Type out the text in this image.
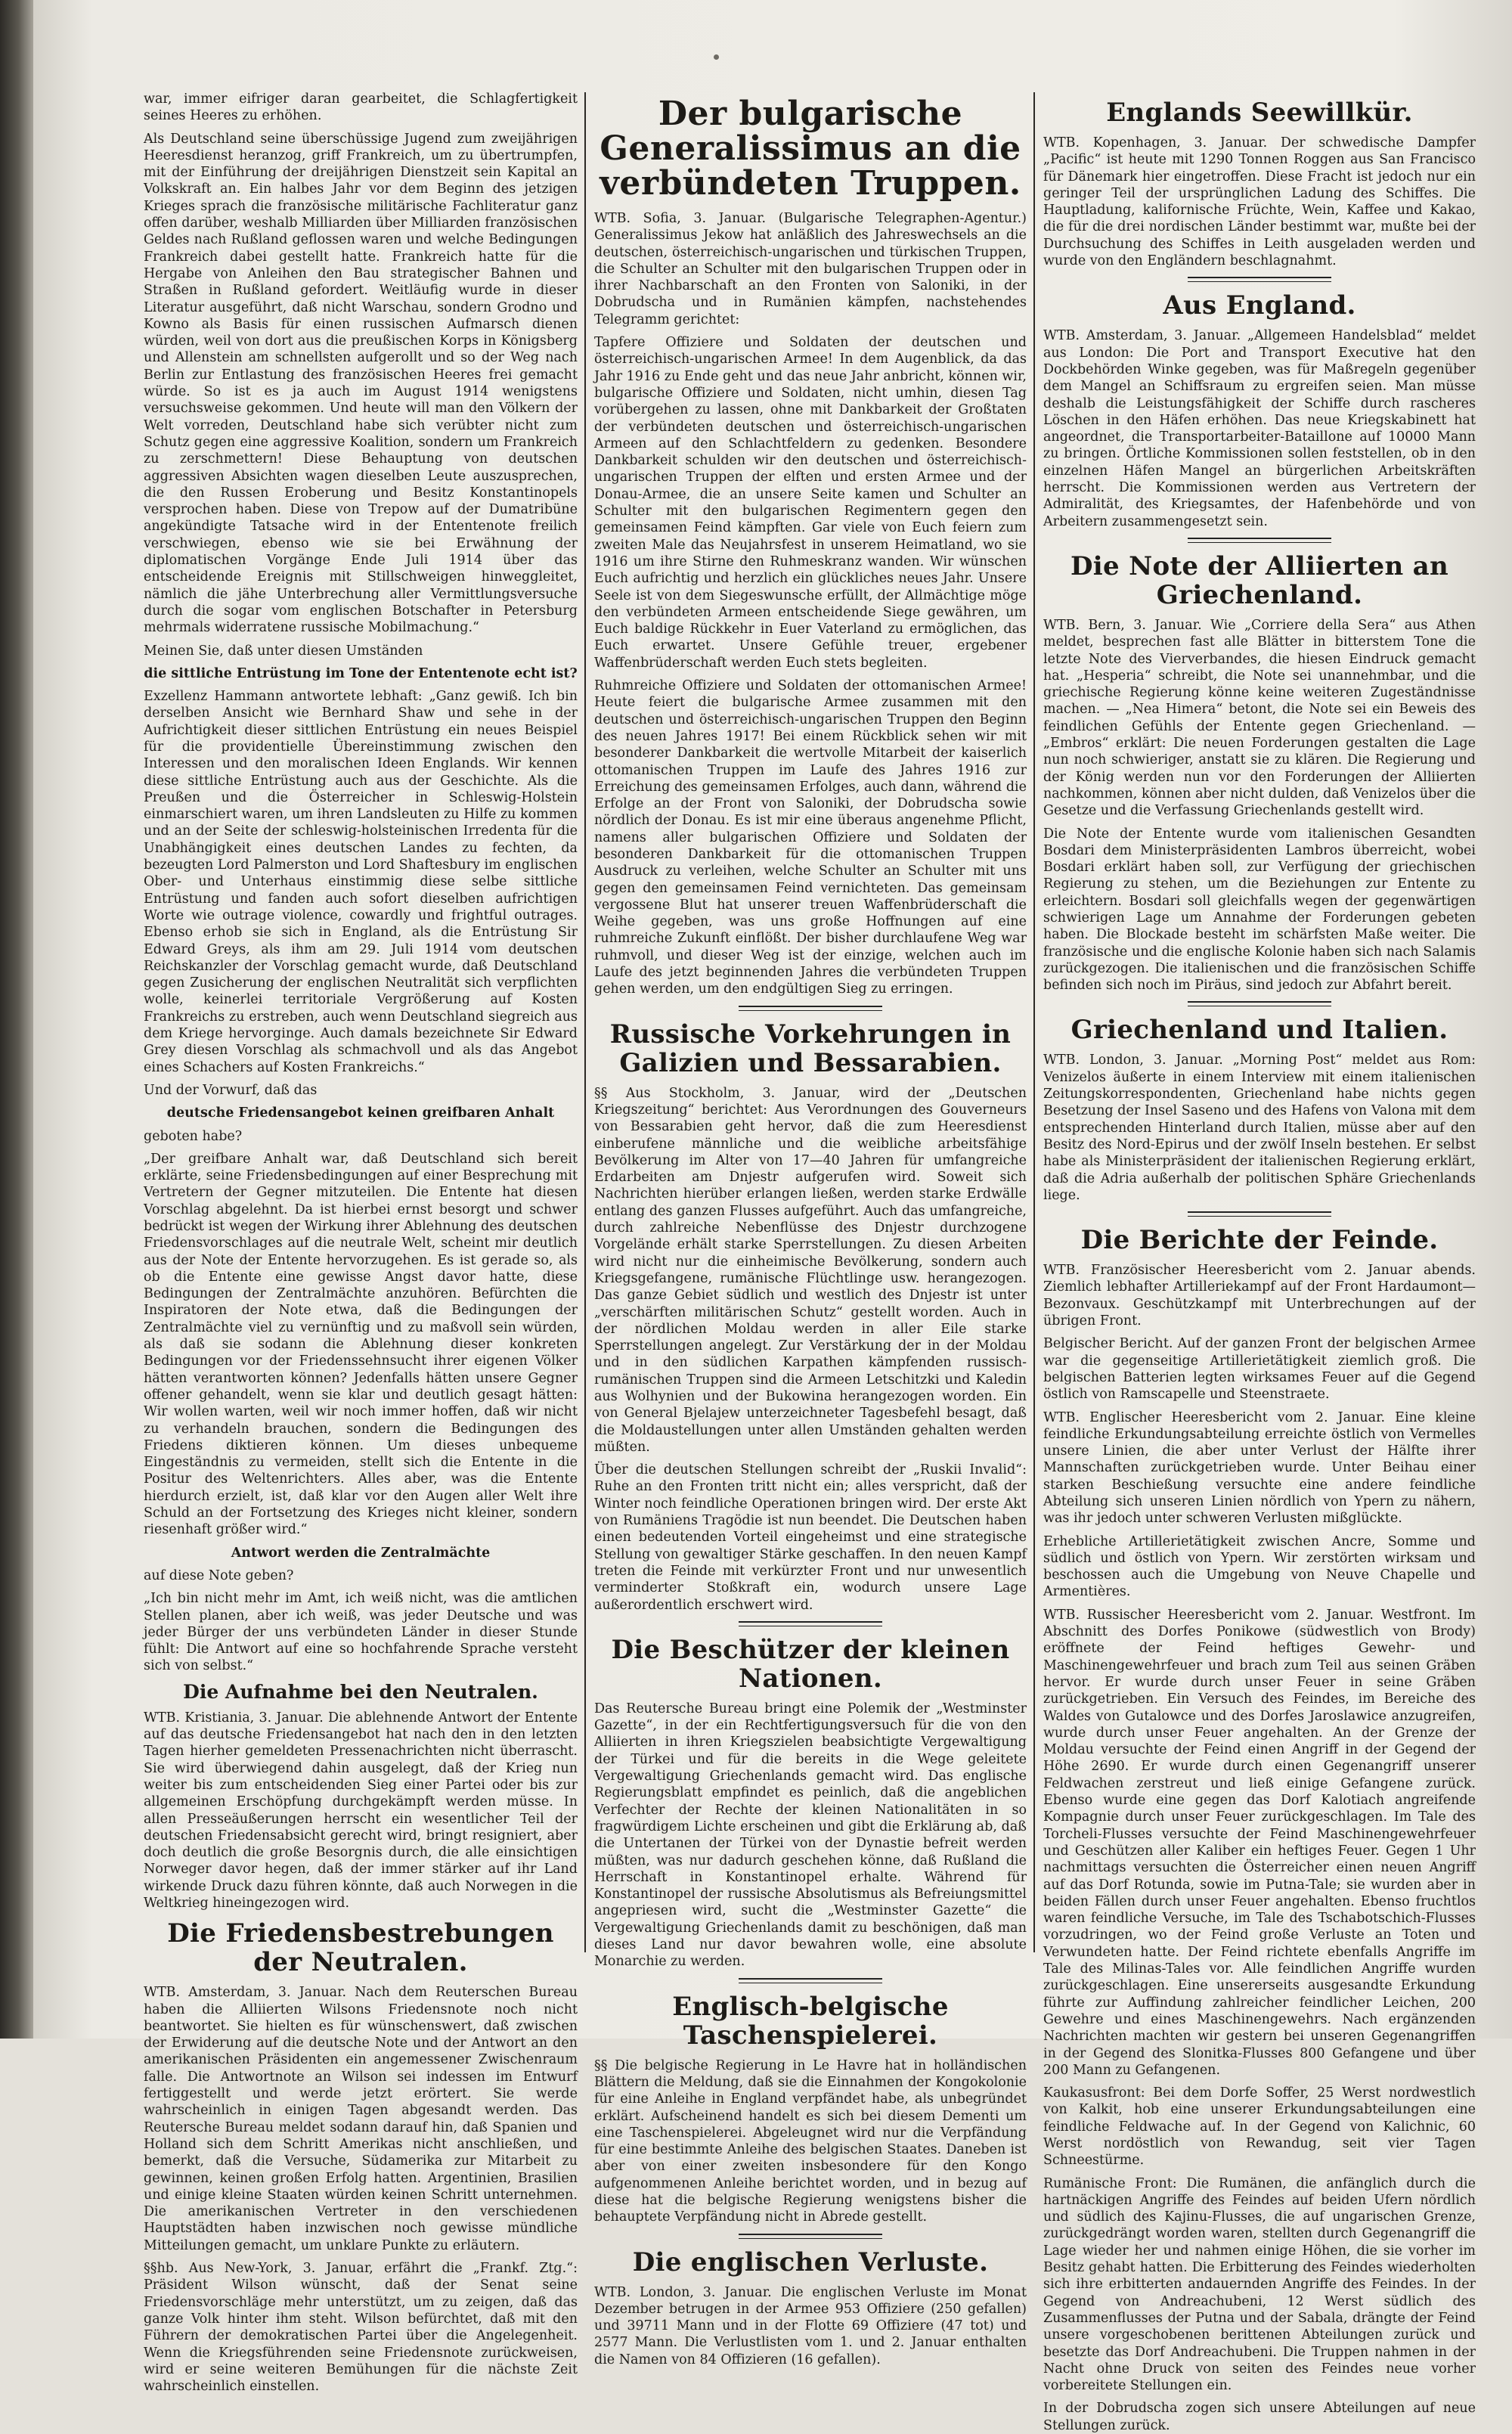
war, immer eifriger daran gearbeitet, die Schlagfertigkeit seines Heeres zu erhöhen.

Als Deutschland seine überschüssige Jugend zum zweijährigen Heeresdienst heranzog, griff Frankreich, um zu übertrumpfen, mit der Einführung der dreijährigen Dienstzeit sein Kapital an Volkskraft an. Ein halbes Jahr vor dem Beginn des jetzigen Krieges sprach die französische militärische Fachliteratur ganz offen darüber, weshalb Milliarden über Milliarden französischen Geldes nach Rußland geflossen waren und welche Bedingungen Frankreich dabei gestellt hatte. Frankreich hatte für die Hergabe von Anleihen den Bau strategischer Bahnen und Straßen in Rußland gefordert. Weitläufig wurde in dieser Literatur ausgeführt, daß nicht Warschau, sondern Grodno und Kowno als Basis für einen russischen Aufmarsch dienen würden, weil von dort aus die preußischen Korps in Königsberg und Allenstein am schnellsten aufgerollt und so der Weg nach Berlin zur Entlastung des französischen Heeres frei gemacht würde. So ist es ja auch im August 1914 wenigstens versuchsweise gekommen. Und heute will man den Völkern der Welt vorreden, Deutschland habe sich verübter nicht zum Schutz gegen eine aggressive Koalition, sondern um Frankreich zu zerschmettern! Diese Behauptung von deutschen aggressiven Absichten wagen dieselben Leute auszusprechen, die den Russen Eroberung und Besitz Konstantinopels versprochen haben. Diese von Trepow auf der Dumatribüne angekündigte Tatsache wird in der Ententenote freilich verschwiegen, ebenso wie sie bei Erwähnung der diplomatischen Vorgänge Ende Juli 1914 über das entscheidende Ereignis mit Stillschweigen hinweggleitet, nämlich die jähe Unterbrechung aller Vermittlungsversuche durch die sogar vom englischen Botschafter in Petersburg mehrmals widerratene russische Mobilmachung.“

Meinen Sie, daß unter diesen Umständen

die sittliche Entrüstung im Tone der Ententenote echt ist?

Exzellenz Hammann antwortete lebhaft: „Ganz gewiß. Ich bin derselben Ansicht wie Bernhard Shaw und sehe in der Aufrichtigkeit dieser sittlichen Entrüstung ein neues Beispiel für die providentielle Übereinstimmung zwischen den Interessen und den moralischen Ideen Englands. Wir kennen diese sittliche Entrüstung auch aus der Geschichte. Als die Preußen und die Österreicher in Schleswig-Holstein einmarschiert waren, um ihren Landsleuten zu Hilfe zu kommen und an der Seite der schleswig-holsteinischen Irredenta für die Unabhängigkeit eines deutschen Landes zu fechten, da bezeugten Lord Palmerston und Lord Shaftesbury im englischen Ober- und Unterhaus einstimmig diese selbe sittliche Entrüstung und fanden auch sofort dieselben aufrichtigen Worte wie outrage violence, cowardly und frightful outrages. Ebenso erhob sie sich in England, als die Entrüstung Sir Edward Greys, als ihm am 29. Juli 1914 vom deutschen Reichskanzler der Vorschlag gemacht wurde, daß Deutschland gegen Zusicherung der englischen Neutralität sich verpflichten wolle, keinerlei territoriale Vergrößerung auf Kosten Frankreichs zu erstreben, auch wenn Deutschland siegreich aus dem Kriege hervorginge. Auch damals bezeichnete Sir Edward Grey diesen Vorschlag als schmachvoll und als das Angebot eines Schachers auf Kosten Frankreichs.“

Und der Vorwurf, daß das

deutsche Friedensangebot keinen greifbaren Anhalt

geboten habe?

„Der greifbare Anhalt war, daß Deutschland sich bereit erklärte, seine Friedensbedingungen auf einer Besprechung mit Vertretern der Gegner mitzuteilen. Die Entente hat diesen Vorschlag abgelehnt. Da ist hierbei ernst besorgt und schwer bedrückt ist wegen der Wirkung ihrer Ablehnung des deutschen Friedensvorschlages auf die neutrale Welt, scheint mir deutlich aus der Note der Entente hervorzugehen. Es ist gerade so, als ob die Entente eine gewisse Angst davor hatte, diese Bedingungen der Zentralmächte anzuhören. Befürchten die Inspiratoren der Note etwa, daß die Bedingungen der Zentralmächte viel zu vernünftig und zu maßvoll sein würden, als daß sie sodann die Ablehnung dieser konkreten Bedingungen vor der Friedenssehnsucht ihrer eigenen Völker hätten verantworten können? Jedenfalls hätten unsere Gegner offener gehandelt, wenn sie klar und deutlich gesagt hätten: Wir wollen warten, weil wir noch immer hoffen, daß wir nicht zu verhandeln brauchen, sondern die Bedingungen des Friedens diktieren können. Um dieses unbequeme Eingeständnis zu vermeiden, stellt sich die Entente in die Positur des Weltenrichters. Alles aber, was die Entente hierdurch erzielt, ist, daß klar vor den Augen aller Welt ihre Schuld an der Fortsetzung des Krieges nicht kleiner, sondern riesenhaft größer wird.“

Antwort werden die Zentralmächte

auf diese Note geben?

„Ich bin nicht mehr im Amt, ich weiß nicht, was die amtlichen Stellen planen, aber ich weiß, was jeder Deutsche und was jeder Bürger der uns verbündeten Länder in dieser Stunde fühlt: Die Antwort auf eine so hochfahrende Sprache versteht sich von selbst.“

Die Aufnahme bei den Neutralen.

WTB. Kristiania, 3. Januar. Die ablehnende Antwort der Entente auf das deutsche Friedensangebot hat nach den in den letzten Tagen hierher gemeldeten Pressenachrichten nicht überrascht. Sie wird überwiegend dahin ausgelegt, daß der Krieg nun weiter bis zum entscheidenden Sieg einer Partei oder bis zur allgemeinen Erschöpfung durchgekämpft werden müsse. In allen Presseäußerungen herrscht ein wesentlicher Teil der deutschen Friedensabsicht gerecht wird, bringt resigniert, aber doch deutlich die große Besorgnis durch, die alle einsichtigen Norweger davor hegen, daß der immer stärker auf ihr Land wirkende Druck dazu führen könnte, daß auch Norwegen in die Weltkrieg hineingezogen wird.

Die Friedensbestrebungen der Neutralen.

WTB. Amsterdam, 3. Januar. Nach dem Reuterschen Bureau haben die Alliierten Wilsons Friedensnote noch nicht beantwortet. Sie hielten es für wünschenswert, daß zwischen der Erwiderung auf die deutsche Note und der Antwort an den amerikanischen Präsidenten ein angemessener Zwischenraum falle. Die Antwortnote an Wilson sei indessen im Entwurf fertiggestellt und werde jetzt erörtert. Sie werde wahrscheinlich in einigen Tagen abgesandt werden. Das Reutersche Bureau meldet sodann darauf hin, daß Spanien und Holland sich dem Schritt Amerikas nicht anschließen, und bemerkt, daß die Versuche, Südamerika zur Mitarbeit zu gewinnen, keinen großen Erfolg hatten. Argentinien, Brasilien und einige kleine Staaten würden keinen Schritt unternehmen. Die amerikanischen Vertreter in den verschiedenen Hauptstädten haben inzwischen noch gewisse mündliche Mitteilungen gemacht, um unklare Punkte zu erläutern.

§§hb. Aus New-York, 3. Januar, erfährt die „Frankf. Ztg.“: Präsident Wilson wünscht, daß der Senat seine Friedensvorschläge mehr unterstützt, um zu zeigen, daß das ganze Volk hinter ihm steht. Wilson befürchtet, daß mit den Führern der demokratischen Partei über die Angelegenheit. Wenn die Kriegsführenden seine Friedensnote zurückweisen, wird er seine weiteren Bemühungen für die nächste Zeit wahrscheinlich einstellen.

Der bulgarische Generalissimus an die verbündeten Truppen.

WTB. Sofia, 3. Januar. (Bulgarische Telegraphen-Agentur.) Generalissimus Jekow hat anläßlich des Jahreswechsels an die deutschen, österreichisch-ungarischen und türkischen Truppen, die Schulter an Schulter mit den bulgarischen Truppen oder in ihrer Nachbarschaft an den Fronten von Saloniki, in der Dobrudscha und in Rumänien kämpfen, nachstehendes Telegramm gerichtet:

Tapfere Offiziere und Soldaten der deutschen und österreichisch-ungarischen Armee! In dem Augenblick, da das Jahr 1916 zu Ende geht und das neue Jahr anbricht, können wir, bulgarische Offiziere und Soldaten, nicht umhin, diesen Tag vorübergehen zu lassen, ohne mit Dankbarkeit der Großtaten der verbündeten deutschen und österreichisch-ungarischen Armeen auf den Schlachtfeldern zu gedenken. Besondere Dankbarkeit schulden wir den deutschen und österreichisch-ungarischen Truppen der elften und ersten Armee und der Donau-Armee, die an unsere Seite kamen und Schulter an Schulter mit den bulgarischen Regimentern gegen den gemeinsamen Feind kämpften. Gar viele von Euch feiern zum zweiten Male das Neujahrsfest in unserem Heimatland, wo sie 1916 um ihre Stirne den Ruhmeskranz wanden. Wir wünschen Euch aufrichtig und herzlich ein glückliches neues Jahr. Unsere Seele ist von dem Siegeswunsche erfüllt, der Allmächtige möge den verbündeten Armeen entscheidende Siege gewähren, um Euch baldige Rückkehr in Euer Vaterland zu ermöglichen, das Euch erwartet. Unsere Gefühle treuer, ergebener Waffenbrüderschaft werden Euch stets begleiten.

Ruhmreiche Offiziere und Soldaten der ottomanischen Armee! Heute feiert die bulgarische Armee zusammen mit den deutschen und österreichisch-ungarischen Truppen den Beginn des neuen Jahres 1917! Bei einem Rückblick sehen wir mit besonderer Dankbarkeit die wertvolle Mitarbeit der kaiserlich ottomanischen Truppen im Laufe des Jahres 1916 zur Erreichung des gemeinsamen Erfolges, auch dann, während die Erfolge an der Front von Saloniki, der Dobrudscha sowie nördlich der Donau. Es ist mir eine überaus angenehme Pflicht, namens aller bulgarischen Offiziere und Soldaten der besonderen Dankbarkeit für die ottomanischen Truppen Ausdruck zu verleihen, welche Schulter an Schulter mit uns gegen den gemeinsamen Feind vernichteten. Das gemeinsam vergossene Blut hat unserer treuen Waffenbrüderschaft die Weihe gegeben, was uns große Hoffnungen auf eine ruhmreiche Zukunft einflößt. Der bisher durchlaufene Weg war ruhmvoll, und dieser Weg ist der einzige, welchen auch im Laufe des jetzt beginnenden Jahres die verbündeten Truppen gehen werden, um den endgültigen Sieg zu erringen.

Russische Vorkehrungen in Galizien und Bessarabien.

§§ Aus Stockholm, 3. Januar, wird der „Deutschen Kriegszeitung“ berichtet: Aus Verordnungen des Gouverneurs von Bessarabien geht hervor, daß die zum Heeresdienst einberufene männliche und die weibliche arbeitsfähige Bevölkerung im Alter von 17—40 Jahren für umfangreiche Erdarbeiten am Dnjestr aufgerufen wird. Soweit sich Nachrichten hierüber erlangen ließen, werden starke Erdwälle entlang des ganzen Flusses aufgeführt. Auch das umfangreiche, durch zahlreiche Nebenflüsse des Dnjestr durchzogene Vorgelände erhält starke Sperrstellungen. Zu diesen Arbeiten wird nicht nur die einheimische Bevölkerung, sondern auch Kriegsgefangene, rumänische Flüchtlinge usw. herangezogen. Das ganze Gebiet südlich und westlich des Dnjestr ist unter „verschärften militärischen Schutz“ gestellt worden. Auch in der nördlichen Moldau werden in aller Eile starke Sperrstellungen angelegt. Zur Verstärkung der in der Moldau und in den südlichen Karpathen kämpfenden russisch-rumänischen Truppen sind die Armeen Letschitzki und Kaledin aus Wolhynien und der Bukowina herangezogen worden. Ein von General Bjelajew unterzeichneter Tagesbefehl besagt, daß die Moldaustellungen unter allen Umständen gehalten werden müßten.

Über die deutschen Stellungen schreibt der „Ruskii Invalid“: Ruhe an den Fronten tritt nicht ein; alles verspricht, daß der Winter noch feindliche Operationen bringen wird. Der erste Akt von Rumäniens Tragödie ist nun beendet. Die Deutschen haben einen bedeutenden Vorteil eingeheimst und eine strategische Stellung von gewaltiger Stärke geschaffen. In den neuen Kampf treten die Feinde mit verkürzter Front und nur unwesentlich verminderter Stoßkraft ein, wodurch unsere Lage außerordentlich erschwert wird.

Die Beschützer der kleinen Nationen.

Das Reutersche Bureau bringt eine Polemik der „Westminster Gazette“, in der ein Rechtfertigungsversuch für die von den Alliierten in ihren Kriegszielen beabsichtigte Vergewaltigung der Türkei und für die bereits in die Wege geleitete Vergewaltigung Griechenlands gemacht wird. Das englische Regierungsblatt empfindet es peinlich, daß die angeblichen Verfechter der Rechte der kleinen Nationalitäten in so fragwürdigem Lichte erscheinen und gibt die Erklärung ab, daß die Untertanen der Türkei von der Dynastie befreit werden müßten, was nur dadurch geschehen könne, daß Rußland die Herrschaft in Konstantinopel erhalte. Während für Konstantinopel der russische Absolutismus als Befreiungsmittel angepriesen wird, sucht die „Westminster Gazette“ die Vergewaltigung Griechenlands damit zu beschönigen, daß man dieses Land nur davor bewahren wolle, eine absolute Monarchie zu werden.

Englisch-belgische Taschenspielerei.

§§ Die belgische Regierung in Le Havre hat in holländischen Blättern die Meldung, daß sie die Einnahmen der Kongokolonie für eine Anleihe in England verpfändet habe, als unbegründet erklärt. Aufscheinend handelt es sich bei diesem Dementi um eine Taschenspielerei. Abgeleugnet wird nur die Verpfändung für eine bestimmte Anleihe des belgischen Staates. Daneben ist aber von einer zweiten insbesondere für den Kongo aufgenommenen Anleihe berichtet worden, und in bezug auf diese hat die belgische Regierung wenigstens bisher die behauptete Verpfändung nicht in Abrede gestellt.

Die englischen Verluste.

WTB. London, 3. Januar. Die englischen Verluste im Monat Dezember betrugen in der Armee 953 Offiziere (250 gefallen) und 39711 Mann und in der Flotte 69 Offiziere (47 tot) und 2577 Mann. Die Verlustlisten vom 1. und 2. Januar enthalten die Namen von 84 Offizieren (16 gefallen).

Englands Seewillkür.

WTB. Kopenhagen, 3. Januar. Der schwedische Dampfer „Pacific“ ist heute mit 1290 Tonnen Roggen aus San Francisco für Dänemark hier eingetroffen. Diese Fracht ist jedoch nur ein geringer Teil der ursprünglichen Ladung des Schiffes. Die Hauptladung, kalifornische Früchte, Wein, Kaffee und Kakao, die für die drei nordischen Länder bestimmt war, mußte bei der Durchsuchung des Schiffes in Leith ausgeladen werden und wurde von den Engländern beschlagnahmt.

Aus England.

WTB. Amsterdam, 3. Januar. „Allgemeen Handelsblad“ meldet aus London: Die Port and Transport Executive hat den Dockbehörden Winke gegeben, was für Maßregeln gegenüber dem Mangel an Schiffsraum zu ergreifen seien. Man müsse deshalb die Leistungsfähigkeit der Schiffe durch rascheres Löschen in den Häfen erhöhen. Das neue Kriegskabinett hat angeordnet, die Transportarbeiter-Bataillone auf 10000 Mann zu bringen. Örtliche Kommissionen sollen feststellen, ob in den einzelnen Häfen Mangel an bürgerlichen Arbeitskräften herrscht. Die Kommissionen werden aus Vertretern der Admiralität, des Kriegsamtes, der Hafenbehörde und von Arbeitern zusammengesetzt sein.

Die Note der Alliierten an Griechenland.

WTB. Bern, 3. Januar. Wie „Corriere della Sera“ aus Athen meldet, besprechen fast alle Blätter in bitterstem Tone die letzte Note des Vierverbandes, die hiesen Eindruck gemacht hat. „Hesperia“ schreibt, die Note sei unannehmbar, und die griechische Regierung könne keine weiteren Zugeständnisse machen. — „Nea Himera“ betont, die Note sei ein Beweis des feindlichen Gefühls der Entente gegen Griechenland. — „Embros“ erklärt: Die neuen Forderungen gestalten die Lage nun noch schwieriger, anstatt sie zu klären. Die Regierung und der König werden nun vor den Forderungen der Alliierten nachkommen, können aber nicht dulden, daß Venizelos über die Gesetze und die Verfassung Griechenlands gestellt wird.

Die Note der Entente wurde vom italienischen Gesandten Bosdari dem Ministerpräsidenten Lambros überreicht, wobei Bosdari erklärt haben soll, zur Verfügung der griechischen Regierung zu stehen, um die Beziehungen zur Entente zu erleichtern. Bosdari soll gleichfalls wegen der gegenwärtigen schwierigen Lage um Annahme der Forderungen gebeten haben. Die Blockade besteht im schärfsten Maße weiter. Die französische und die englische Kolonie haben sich nach Salamis zurückgezogen. Die italienischen und die französischen Schiffe befinden sich noch im Piräus, sind jedoch zur Abfahrt bereit.

Griechenland und Italien.

WTB. London, 3. Januar. „Morning Post“ meldet aus Rom: Venizelos äußerte in einem Interview mit einem italienischen Zeitungskorrespondenten, Griechenland habe nichts gegen Besetzung der Insel Saseno und des Hafens von Valona mit dem entsprechenden Hinterland durch Italien, müsse aber auf den Besitz des Nord-Epirus und der zwölf Inseln bestehen. Er selbst habe als Ministerpräsident der italienischen Regierung erklärt, daß die Adria außerhalb der politischen Sphäre Griechenlands liege.

Die Berichte der Feinde.

WTB. Französischer Heeresbericht vom 2. Januar abends. Ziemlich lebhafter Artilleriekampf auf der Front Hardaumont—Bezonvaux. Geschützkampf mit Unterbrechungen auf der übrigen Front.

Belgischer Bericht. Auf der ganzen Front der belgischen Armee war die gegenseitige Artillerietätigkeit ziemlich groß. Die belgischen Batterien legten wirksames Feuer auf die Gegend östlich von Ramscapelle und Steenstraete.

WTB. Englischer Heeresbericht vom 2. Januar. Eine kleine feindliche Erkundungsabteilung erreichte östlich von Vermelles unsere Linien, die aber unter Verlust der Hälfte ihrer Mannschaften zurückgetrieben wurde. Unter Beihau einer starken Beschießung versuchte eine andere feindliche Abteilung sich unseren Linien nördlich von Ypern zu nähern, was ihr jedoch unter schweren Verlusten mißglückte.

Erhebliche Artillerietätigkeit zwischen Ancre, Somme und südlich und östlich von Ypern. Wir zerstörten wirksam und beschossen auch die Umgebung von Neuve Chapelle und Armentières.

WTB. Russischer Heeresbericht vom 2. Januar. Westfront. Im Abschnitt des Dorfes Ponikowe (südwestlich von Brody) eröffnete der Feind heftiges Gewehr- und Maschinengewehrfeuer und brach zum Teil aus seinen Gräben hervor. Er wurde durch unser Feuer in seine Gräben zurückgetrieben. Ein Versuch des Feindes, im Bereiche des Waldes von Gutalowce und des Dorfes Jaroslawice anzugreifen, wurde durch unser Feuer angehalten. An der Grenze der Moldau versuchte der Feind einen Angriff in der Gegend der Höhe 2690. Er wurde durch einen Gegenangriff unserer Feldwachen zerstreut und ließ einige Gefangene zurück. Ebenso wurde eine gegen das Dorf Kalotiach angreifende Kompagnie durch unser Feuer zurückgeschlagen. Im Tale des Torcheli-Flusses versuchte der Feind Maschinengewehrfeuer und Geschützen aller Kaliber ein heftiges Feuer. Gegen 1 Uhr nachmittags versuchten die Österreicher einen neuen Angriff auf das Dorf Rotunda, sowie im Putna-Tale; sie wurden aber in beiden Fällen durch unser Feuer angehalten. Ebenso fruchtlos waren feindliche Versuche, im Tale des Tschabotschich-Flusses vorzudringen, wo der Feind große Verluste an Toten und Verwundeten hatte. Der Feind richtete ebenfalls Angriffe im Tale des Milinas-Tales vor. Alle feindlichen Angriffe wurden zurückgeschlagen. Eine unsererseits ausgesandte Erkundung führte zur Auffindung zahlreicher feindlicher Leichen, 200 Gewehre und eines Maschinengewehrs. Nach ergänzenden Nachrichten machten wir gestern bei unseren Gegenangriffen in der Gegend des Slonitka-Flusses 800 Gefangene und über 200 Mann zu Gefangenen.

Kaukasusfront: Bei dem Dorfe Soffer, 25 Werst nordwestlich von Kalkit, hob eine unserer Erkundungsabteilungen eine feindliche Feldwache auf. In der Gegend von Kalichnic, 60 Werst nordöstlich von Rewandug, seit vier Tagen Schneestürme.

Rumänische Front: Die Rumänen, die anfänglich durch die hartnäckigen Angriffe des Feindes auf beiden Ufern nördlich und südlich des Kajinu-Flusses, die auf ungarischen Grenze, zurückgedrängt worden waren, stellten durch Gegenangriff die Lage wieder her und nahmen einige Höhen, die sie vorher im Besitz gehabt hatten. Die Erbitterung des Feindes wiederholten sich ihre erbitterten andauernden Angriffe des Feindes. In der Gegend von Andreachubeni, 12 Werst südlich des Zusammenflusses der Putna und der Sabala, drängte der Feind unsere vorgeschobenen berittenen Abteilungen zurück und besetzte das Dorf Andreachubeni. Die Truppen nahmen in der Nacht ohne Druck von seiten des Feindes neue vorher vorbereitete Stellungen ein.

In der Dobrudscha zogen sich unsere Abteilungen auf neue Stellungen zurück.
